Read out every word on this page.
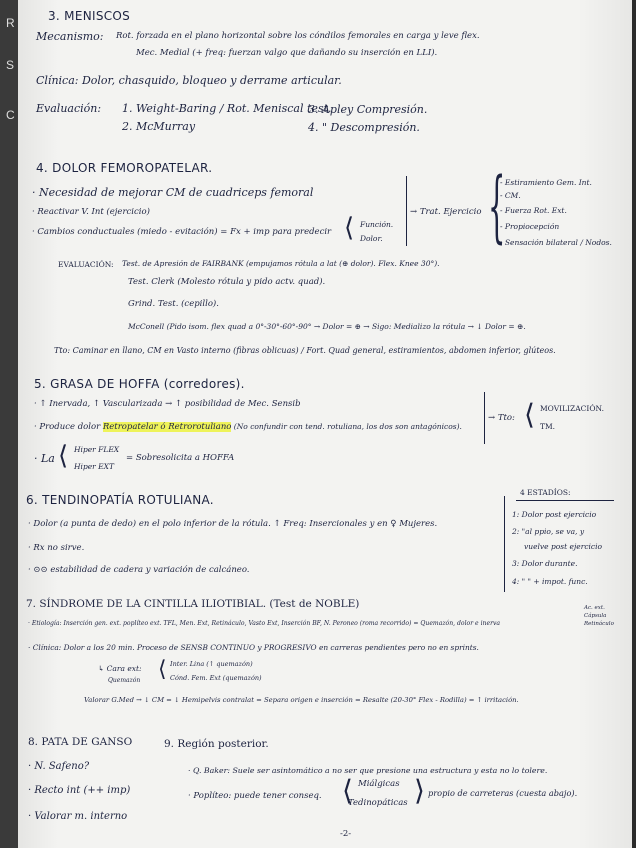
R
S
C
3. MENISCOS
Mecanismo: Rot. forzada en el plano horizontal sobre los cóndilos femorales en carga y leve flex.
Mec. Medial (+ freq: fuerzan valgo que dañando su inserción en LLI).
Clínica: Dolor, chasquido, bloqueo y derrame articular.
Evaluación: 1. Weight-Baring / Rot. Meniscal test.
2. McMurray
3. Apley Compresión.
4. " Descompresión.
4. DOLOR FEMOROPATELAR.
· Necesidad de mejorar CM de cuadriceps femoral
· Reactivar V. Int (ejercicio)
· Cambios conductuales (miedo - evitación) = Fx + imp para predecir ⟨ Función.
Dolor.
→ Trat. Ejercicio {
- Estiramiento Gem. Int.
- CM.
- Fuerza Rot. Ext.
- Propiocepción
- Sensación bilateral / Nodos.
EVALUACIÓN: Test. de Apresión de FAIRBANK (empujamos rótula a lat (⊕ dolor). Flex. Knee 30°).
Test. Clerk (Molesto rótula y pido actv. quad).
Grind. Test. (cepillo).
McConell (Pido isom. flex quad a 0°-30°-60°-90° → Dolor = ⊕ → Sigo: Medializo la rótula → ↓ Dolor = ⊕.
Tto: Caminar en llano, CM en Vasto interno (fibras oblicuas) / Fort. Quad general, estiramientos, abdomen inferior, glúteos.
5. GRASA DE HOFFA (corredores).
· ↑ Inervada, ↑ Vascularizada → ↑ posibilidad de Mec. Sensib
· Produce dolor Retropatelar ó Retrorotuliano (No confundir con tend. rotuliana, los dos son antagónicos).
· La ⟨ Hiper FLEX
Hiper EXT
= Sobresolicita a HOFFA
→ Tto: ⟨ MOVILIZACIÓN.
TM.
6. TENDINOPATÍA ROTULIANA.
· Dolor (a punta de dedo) en el polo inferior de la rótula. ↑ Freq: Insercionales y en ♀ Mujeres.
· Rx no sirve.
· ⊙⊙ estabilidad de cadera y variación de calcáneo.
4 ESTADÍOS:
1: Dolor post ejercicio
2: "al ppio, se va, y
vuelve post ejercicio
3: Dolor durante.
4: " " + impot. func.
7. SÍNDROME DE LA CINTILLA ILIOTIBIAL. (Test de NOBLE)
· Etiología: Inserción gen. ext. poplíteo ext. TFL, Men. Ext, Retináculo, Vasto Ext, Inserción BF, N. Peroneo (roma recorrido) = Quemazón, dolor e inerva
Ac. ext.
Cápsula
Retináculo
· Clínica: Dolor a los 20 min. Proceso de SENSB CONTINUO y PROGRESIVO en carreras pendientes pero no en sprints.
↳ Cara ext:
Quemazón ⟨ Inter. Lina (↑ quemazón)
Cónd. Fem. Ext (quemazón)
Valorar G.Med → ↓ CM = ↓ Hemipelvis contralat = Separa origen e inserción = Resalte (20-30° Flex - Rodilla) = ↑ irritación.
8. PATA DE GANSO
· N. Safeno?
· Recto int (++ imp)
· Valorar m. interno
9. Región posterior.
· Q. Baker: Suele ser asintomático a no ser que presione una estructura y esta no lo tolere.
· Poplíteo: puede tener conseq. ⟨ Miálgicas
Tedinopáticas ⟩ propio de carreteras (cuesta abajo).
-2-
